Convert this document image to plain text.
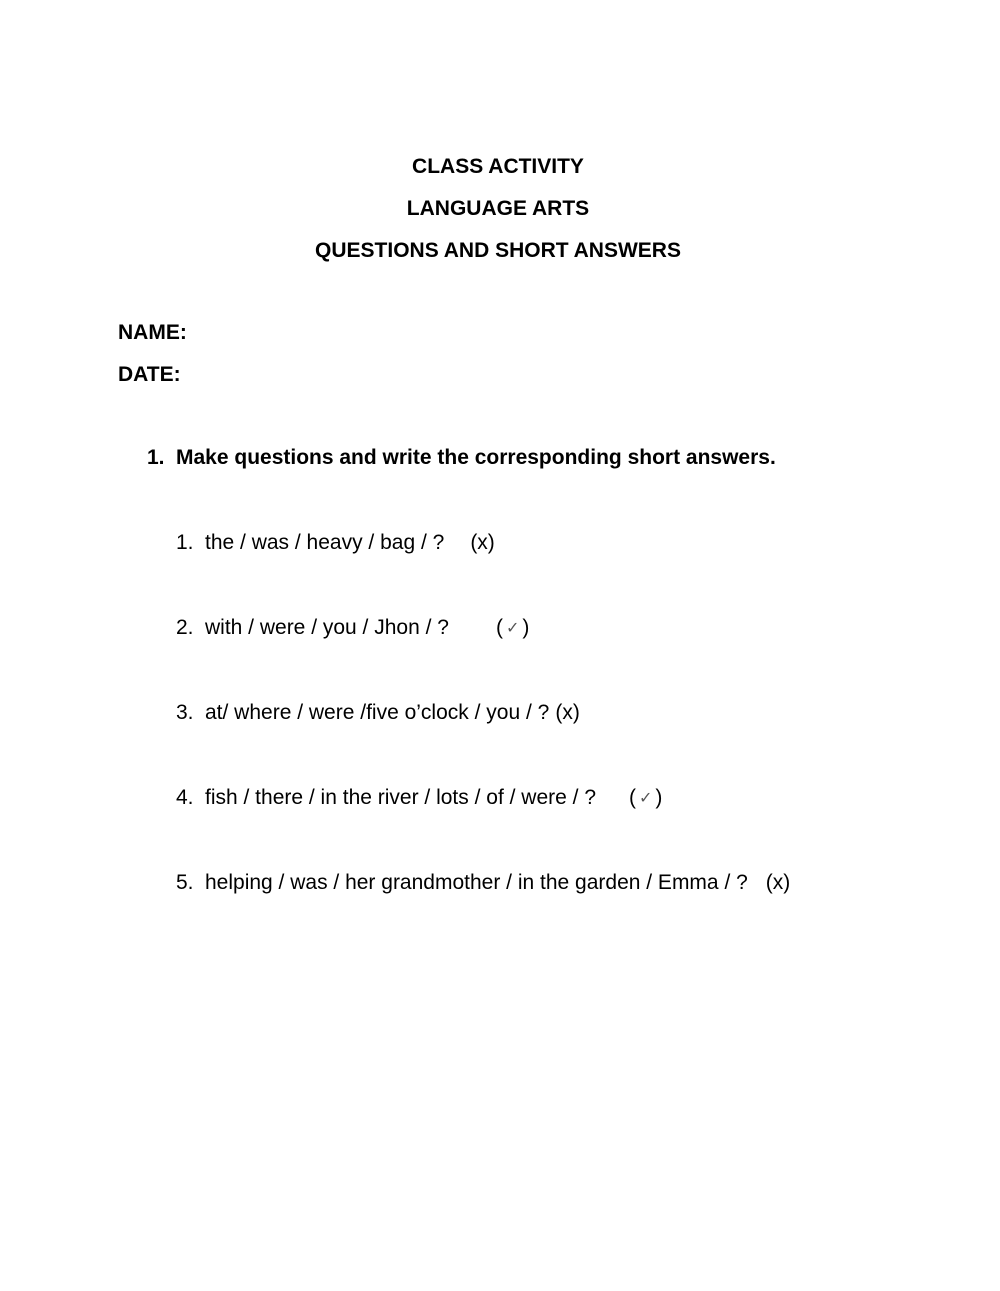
CLASS ACTIVITY
LANGUAGE ARTS
QUESTIONS AND SHORT ANSWERS
NAME:
DATE:
1. Make questions and write the corresponding short answers.
1. the / was / heavy / bag / ? (x)
2. with / were / you / Jhon / ? ( ✓ )
3. at/ where / were /five o’clock / you / ? (x)
4. fish / there / in the river / lots / of / were / ? ( ✓ )
5. helping / was / her grandmother / in the garden / Emma / ? (x)
